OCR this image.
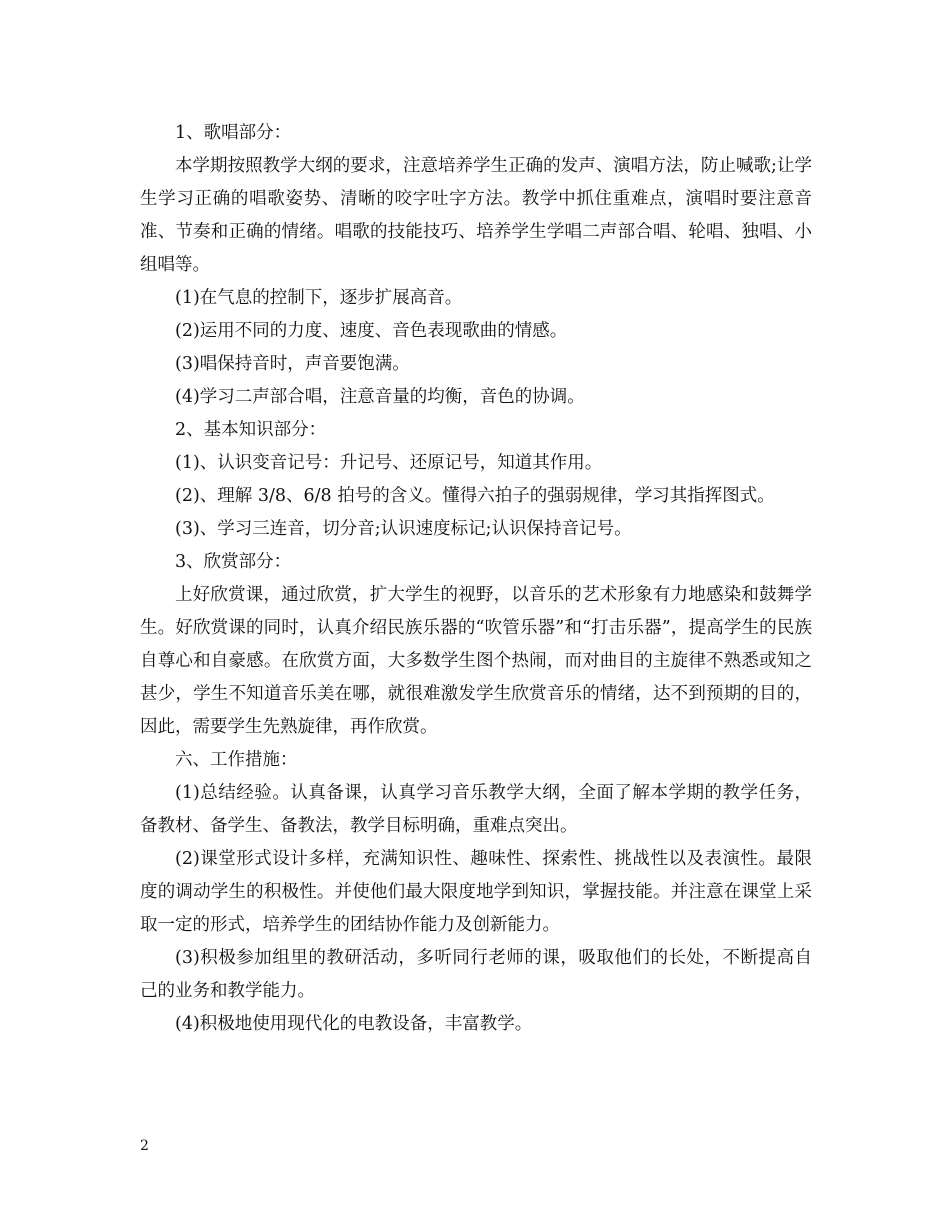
1、歌唱部分：

本学期按照教学大纲的要求，注意培养学生正确的发声、演唱方法，防止喊歌;让学生学习正确的唱歌姿势、清晰的咬字吐字方法。教学中抓住重难点，演唱时要注意音准、节奏和正确的情绪。唱歌的技能技巧、培养学生学唱二声部合唱、轮唱、独唱、小组唱等。

(1)在气息的控制下，逐步扩展高音。

(2)运用不同的力度、速度、音色表现歌曲的情感。

(3)唱保持音时，声音要饱满。

(4)学习二声部合唱，注意音量的均衡，音色的协调。

2、基本知识部分：

(1)、认识变音记号：升记号、还原记号，知道其作用。

(2)、理解 3/8、6/8 拍号的含义。懂得六拍子的强弱规律，学习其指挥图式。

(3)、学习三连音，切分音;认识速度标记;认识保持音记号。

3、欣赏部分：

上好欣赏课，通过欣赏，扩大学生的视野，以音乐的艺术形象有力地感染和鼓舞学生。好欣赏课的同时，认真介绍民族乐器的“吹管乐器”和“打击乐器”，提高学生的民族自尊心和自豪感。在欣赏方面，大多数学生图个热闹，而对曲目的主旋律不熟悉或知之甚少，学生不知道音乐美在哪，就很难激发学生欣赏音乐的情绪，达不到预期的目的，因此，需要学生先熟旋律，再作欣赏。

六、工作措施：

(1)总结经验。认真备课，认真学习音乐教学大纲，全面了解本学期的教学任务，备教材、备学生、备教法，教学目标明确，重难点突出。

(2)课堂形式设计多样，充满知识性、趣味性、探索性、挑战性以及表演性。最限度的调动学生的积极性。并使他们最大限度地学到知识，掌握技能。并注意在课堂上采取一定的形式，培养学生的团结协作能力及创新能力。

(3)积极参加组里的教研活动，多听同行老师的课，吸取他们的长处，不断提高自己的业务和教学能力。

(4)积极地使用现代化的电教设备，丰富教学。

2
